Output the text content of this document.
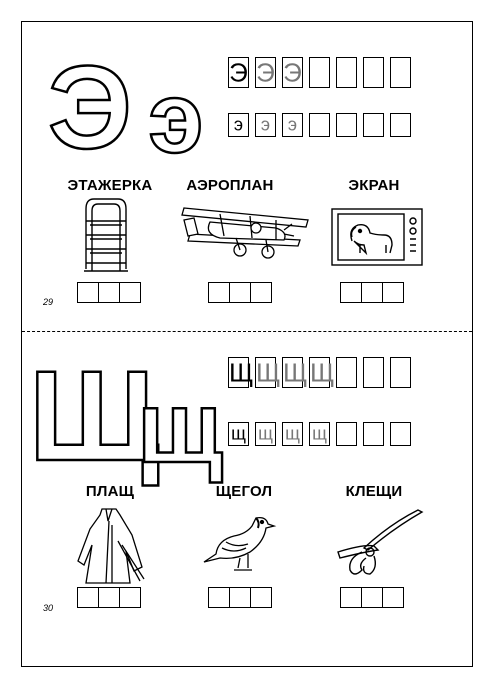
Э э Э Э Э
э э э
ЭТАЖЕРКА	АЭРОПЛАН	ЭКРАН
29
Щ
щ Щ Щ Щ Щ
щ щ щ щ
ПЛАЩ	ЩЕГОЛ	КЛЕЩИ
30
